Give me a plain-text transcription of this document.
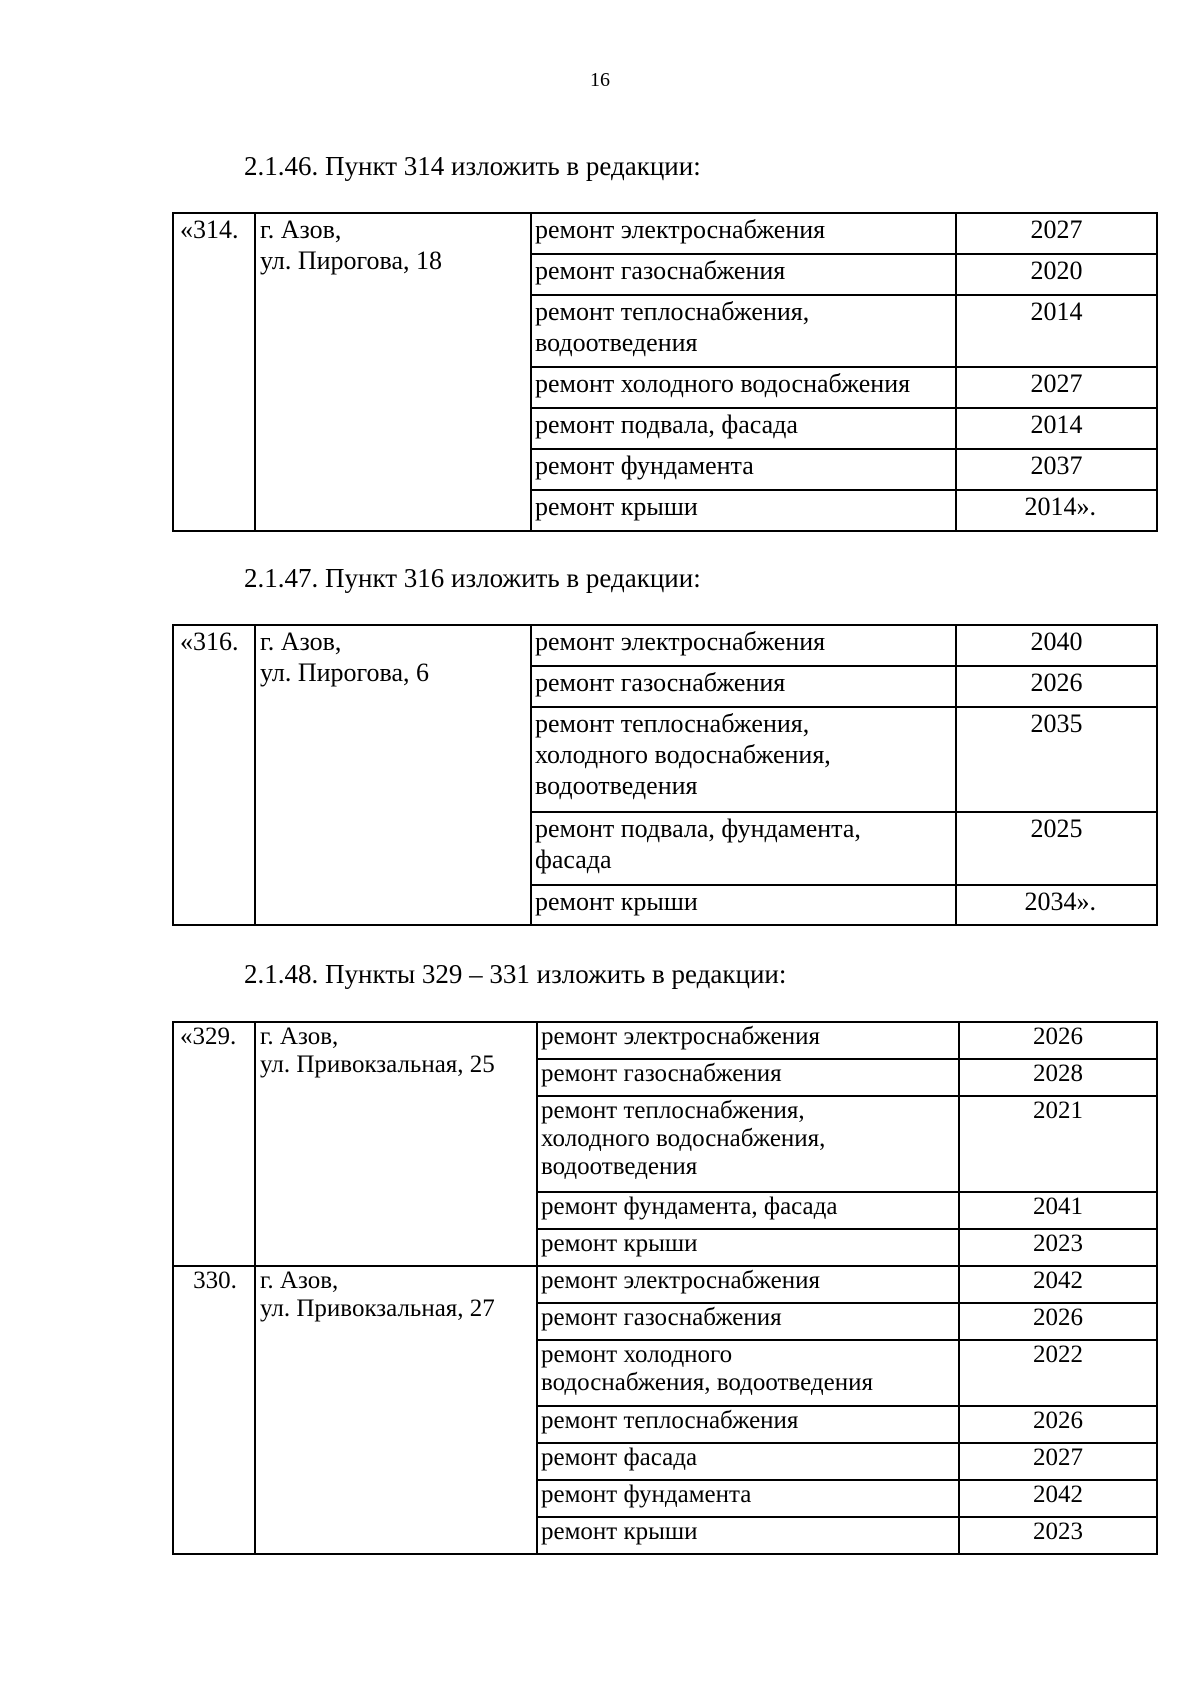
16
2.1.46. Пункт 314 изложить в редакции:
«314.	г. Азов,
ул. Пирогова, 18	ремонт электроснабжения	2027
		ремонт газоснабжения	2020
		ремонт теплоснабжения,
водоотведения	2014
		ремонт холодного водоснабжения	2027
		ремонт подвала, фасада	2014
		ремонт фундамента	2037
		ремонт крыши	2014».
2.1.47. Пункт 316 изложить в редакции:
«316.	г. Азов,
ул. Пирогова, 6	ремонт электроснабжения	2040
		ремонт газоснабжения	2026
		ремонт теплоснабжения,
холодного водоснабжения,
водоотведения	2035
		ремонт подвала, фундамента,
фасада	2025
		ремонт крыши	2034».
2.1.48. Пункты 329 – 331 изложить в редакции:
«329.	г. Азов,
ул. Привокзальная, 25	ремонт электроснабжения	2026
		ремонт газоснабжения	2028
		ремонт теплоснабжения,
холодного водоснабжения,
водоотведения	2021
		ремонт фундамента, фасада	2041
		ремонт крыши	2023
330.	г. Азов,
ул. Привокзальная, 27	ремонт электроснабжения	2042
		ремонт газоснабжения	2026
		ремонт холодного
водоснабжения, водоотведения	2022
		ремонт теплоснабжения	2026
		ремонт фасада	2027
		ремонт фундамента	2042
		ремонт крыши	2023
